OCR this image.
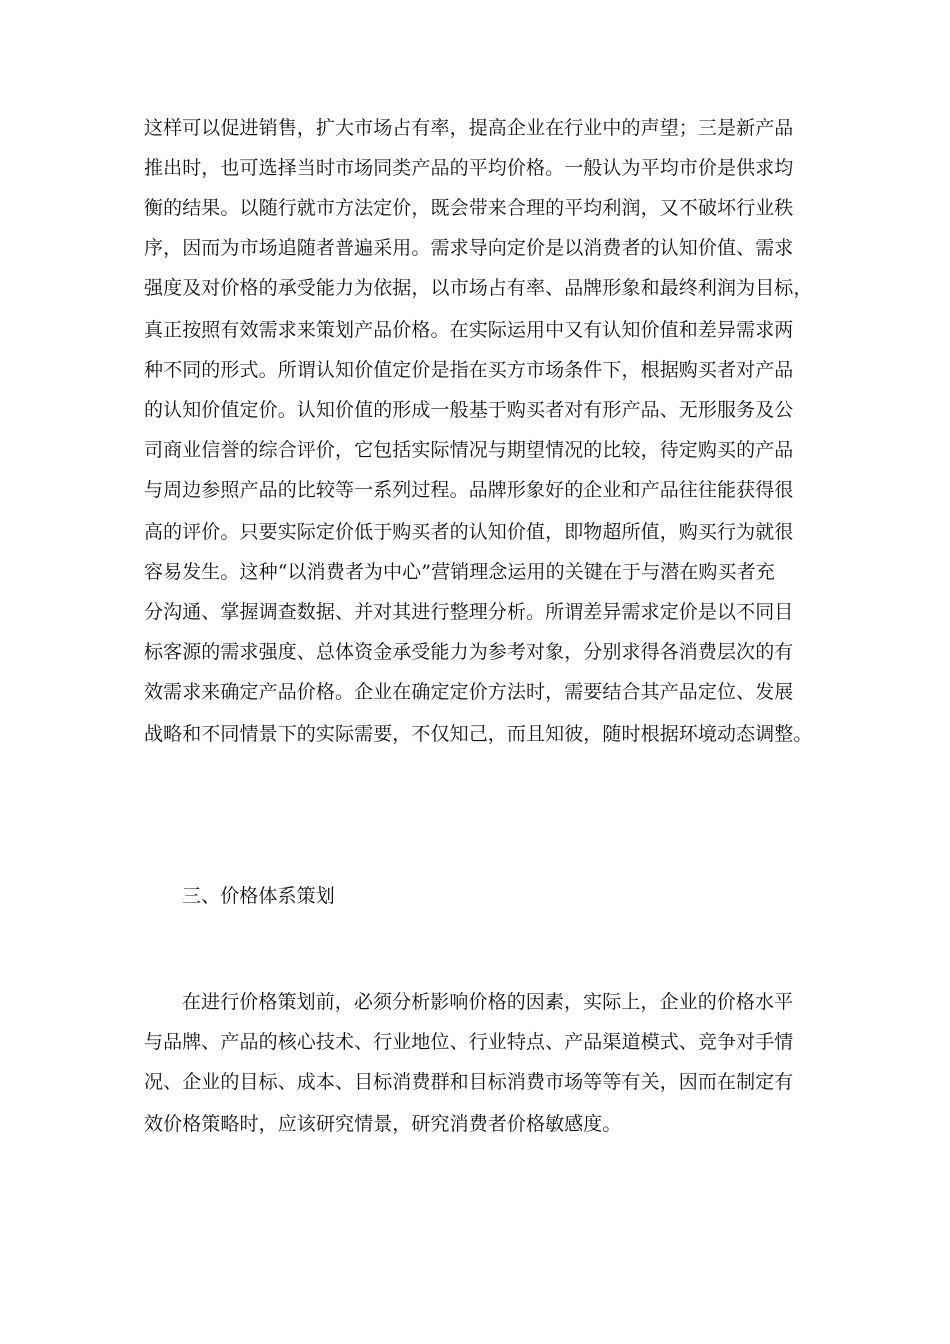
这样可以促进销售，扩大市场占有率，提高企业在行业中的声望；三是新产品
推出时，也可选择当时市场同类产品的平均价格。一般认为平均市价是供求均
衡的结果。以随行就市方法定价，既会带来合理的平均利润，又不破坏行业秩
序，因而为市场追随者普遍采用。需求导向定价是以消费者的认知价值、需求
强度及对价格的承受能力为依据，以市场占有率、品牌形象和最终利润为目标，
真正按照有效需求来策划产品价格。在实际运用中又有认知价值和差异需求两
种不同的形式。所谓认知价值定价是指在买方市场条件下，根据购买者对产品
的认知价值定价。认知价值的形成一般基于购买者对有形产品、无形服务及公
司商业信誉的综合评价，它包括实际情况与期望情况的比较，待定购买的产品
与周边参照产品的比较等一系列过程。品牌形象好的企业和产品往往能获得很
高的评价。只要实际定价低于购买者的认知价值，即物超所值，购买行为就很
容易发生。这种“以消费者为中心”营销理念运用的关键在于与潜在购买者充
分沟通、掌握调查数据、并对其进行整理分析。所谓差异需求定价是以不同目
标客源的需求强度、总体资金承受能力为参考对象，分别求得各消费层次的有
效需求来确定产品价格。企业在确定定价方法时，需要结合其产品定位、发展
战略和不同情景下的实际需要，不仅知己，而且知彼，随时根据环境动态调整。
三、价格体系策划
在进行价格策划前，必须分析影响价格的因素，实际上，企业的价格水平
与品牌、产品的核心技术、行业地位、行业特点、产品渠道模式、竞争对手情
况、企业的目标、成本、目标消费群和目标消费市场等等有关，因而在制定有
效价格策略时，应该研究情景，研究消费者价格敏感度。
